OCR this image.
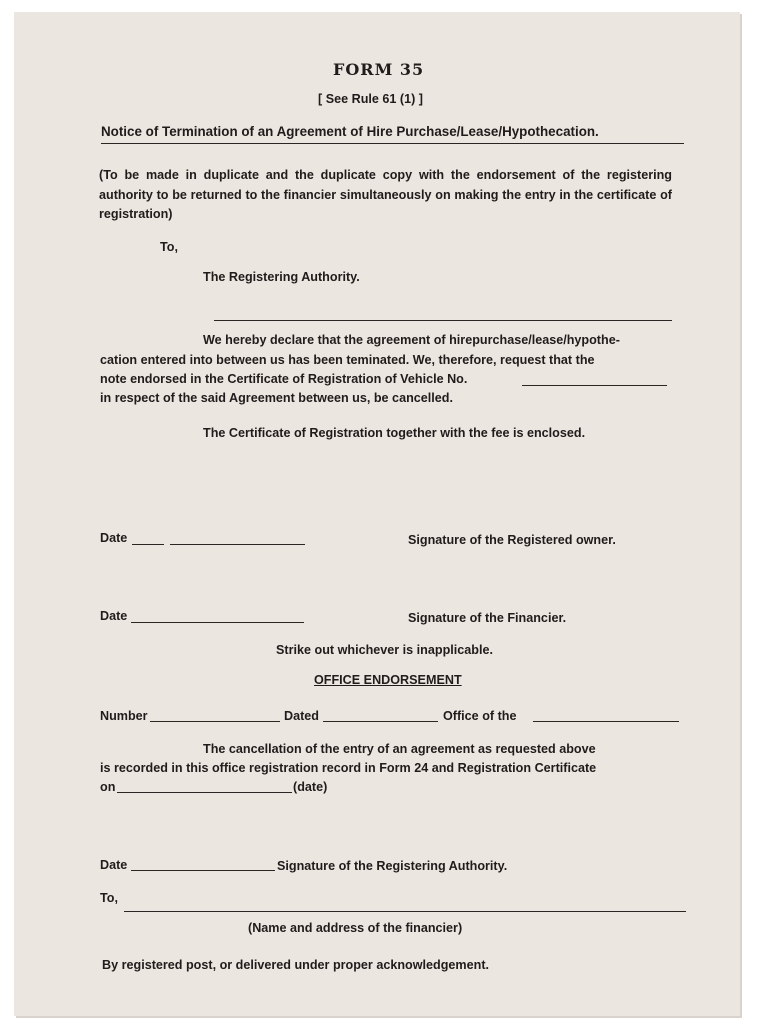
FORM 35
[ See Rule 61 (1) ]
Notice of Termination of an Agreement of Hire Purchase/Lease/Hypothecation.
(To be made in duplicate and the duplicate copy with the endorsement of the registering authority to be returned to the financier simultaneously on making the entry in the certificate of registration)
To,
The Registering Authority.
We hereby declare that the agreement of hirepurchase/lease/hypothe-
cation entered into between us has been teminated. We, therefore, request that the
note endorsed in the Certificate of Registration of Vehicle No.
in respect of the said Agreement between us, be cancelled.
The Certificate of Registration together with the fee is enclosed.
Date	Signature of the Registered owner.
Date	Signature of the Financier.
Strike out whichever is inapplicable.
OFFICE ENDORSEMENT
Number	Dated	Office of the
The cancellation of the entry of an agreement as requested above
is recorded in this office registration record in Form 24 and Registration Certificate
on	(date)
Date	Signature of the Registering Authority.
To,
(Name and address of the financier)
By registered post, or delivered under proper acknowledgement.
